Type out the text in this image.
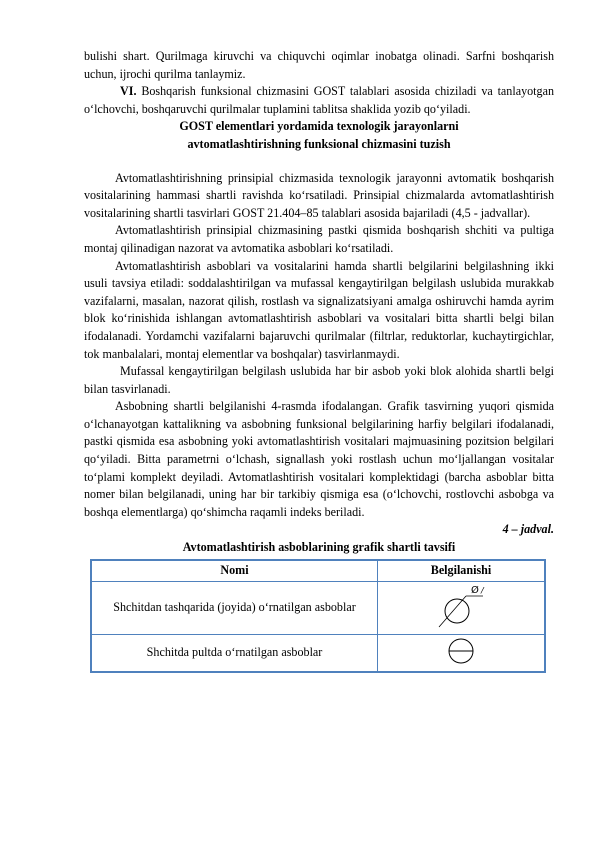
bulishi shart. Qurilmaga kiruvchi va chiquvchi oqimlar inobatga olinadi. Sarfni boshqarish uchun, ijrochi qurilma tanlaymiz.

VI. Boshqarish funksional chizmasini GOST talablari asosida chiziladi va tanlayotgan o‘lchovchi, boshqaruvchi qurilmalar tuplamini tablitsa shaklida yozib qo‘yiladi.

GOST elementlari yordamida texnologik jarayonlarni

avtomatlashtirishning funksional chizmasini tuzish

Avtomatlashtirishning prinsipial chizmasida texnologik jarayonni avtomatik boshqarish vositalarining hammasi shartli ravishda ko‘rsatiladi. Prinsipial chizmalarda avtomatlashtirish vositalarining shartli tasvirlari GOST 21.404–85 talablari asosida bajariladi (4,5 - jadvallar).

Avtomatlashtirish prinsipial chizmasining pastki qismida boshqarish shchiti va pultiga montaj qilinadigan nazorat va avtomatika asboblari ko‘rsatiladi.

Avtomatlashtirish asboblari va vositalarini hamda shartli belgilarini belgilashning ikki usuli tavsiya etiladi: soddalashtirilgan va mufassal kengaytirilgan belgilash uslubida murakkab vazifalarni, masalan, nazorat qilish, rostlash va signalizatsiyani amalga oshiruvchi hamda ayrim blok ko‘rinishida ishlangan avtomatlashtirish asboblari va vositalari bitta shartli belgi bilan ifodalanadi. Yordamchi vazifalarni bajaruvchi qurilmalar (filtrlar, reduktorlar, kuchaytirgichlar, tok manbalalari, montaj elementlar va boshqalar) tasvirlanmaydi.

Mufassal kengaytirilgan belgilash uslubida har bir asbob yoki blok alohida shartli belgi bilan tasvirlanadi.

Asbobning shartli belgilanishi 4-rasmda ifodalangan. Grafik tasvirning yuqori qismida o‘lchanayotgan kattalikning va asbobning funksional belgilarining harfiy belgilari ifodalanadi, pastki qismida esa asbobning yoki avtomatlashtirish vositalari majmuasining pozitsion belgilari qo‘yiladi. Bitta parametrni o‘lchash, signallash yoki rostlash uchun mo‘ljallangan vositalar to‘plami komplekt deyiladi. Avtomatlashtirish vositalari komplektidagi (barcha asboblar bitta nomer bilan belgilanadi, uning har bir tarkibiy qismiga esa (o‘lchovchi, rostlovchi asbobga va boshqa elementlarga) qo‘shimcha raqamli indeks beriladi.

4 – jadval.

Avtomatlashtirish asboblarining grafik shartli tavsifi

Nomi	Belgilanishi

Shchitdan tashqarida (joyida) o‘rnatilgan asboblar	Ø /

Shchitda pultda o‘rnatilgan asboblar
